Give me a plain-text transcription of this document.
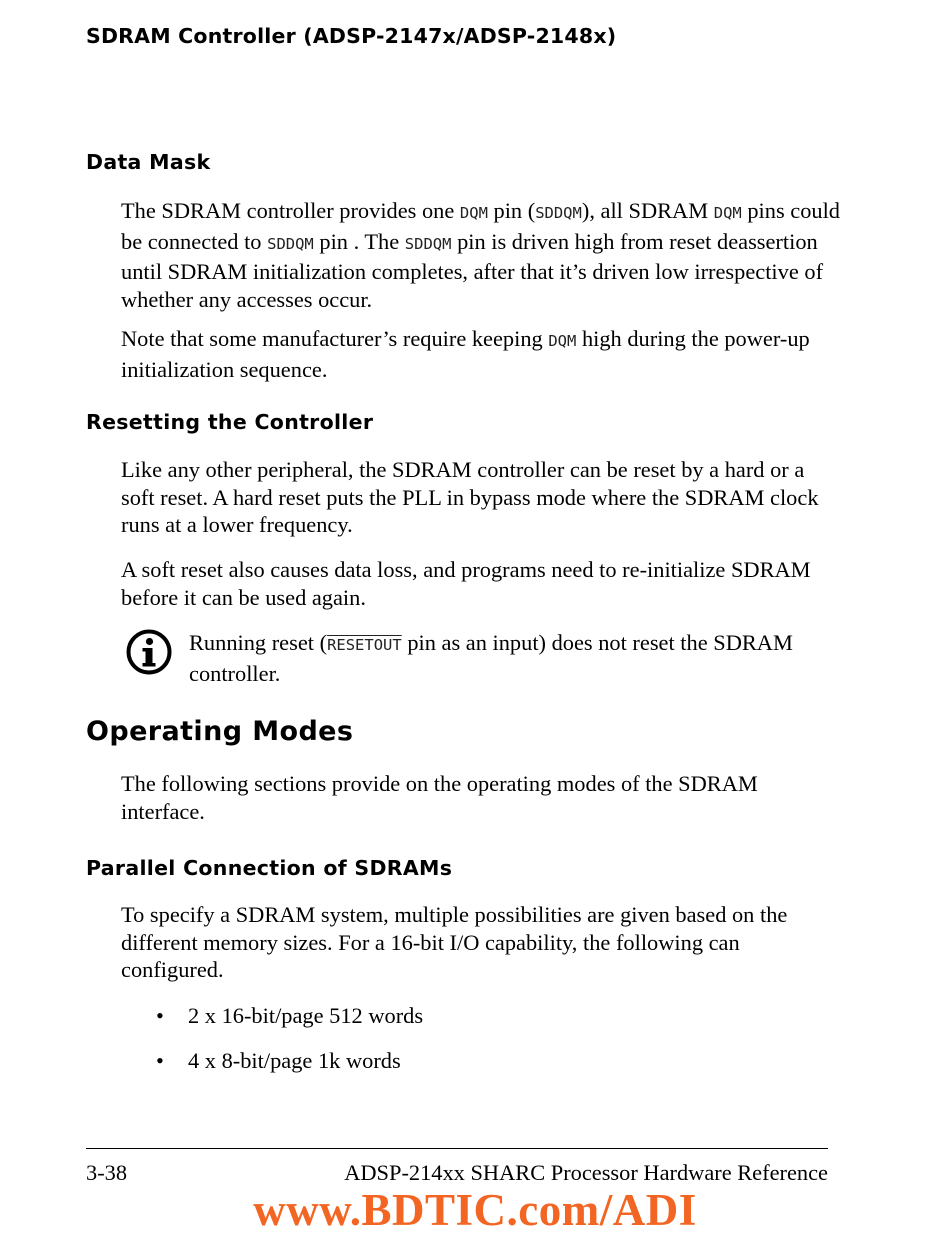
SDRAM Controller (ADSP-2147x/ADSP-2148x)
Data Mask

The SDRAM controller provides one DQM pin (SDDQM), all SDRAM DQM pins could be connected to SDDQM pin . The SDDQM pin is driven high from reset deassertion until SDRAM initialization completes, after that it’s driven low irrespective of whether any accesses occur.

Note that some manufacturer’s require keeping DQM high during the power-up initialization sequence.

Resetting the Controller

Like any other peripheral, the SDRAM controller can be reset by a hard or a soft reset. A hard reset puts the PLL in bypass mode where the SDRAM clock runs at a lower frequency.

A soft reset also causes data loss, and programs need to re-initialize SDRAM before it can be used again.

Running reset (RESETOUT pin as an input) does not reset the SDRAM controller.

Operating Modes

The following sections provide on the operating modes of the SDRAM interface.

Parallel Connection of SDRAMs

To specify a SDRAM system, multiple possibilities are given based on the different memory sizes. For a 16-bit I/O capability, the following can configured.

• 2 x 16-bit/page 512 words
• 4 x 8-bit/page 1k words
3-38	ADSP-214xx SHARC Processor Hardware Reference
www.BDTIC.com/ADI
